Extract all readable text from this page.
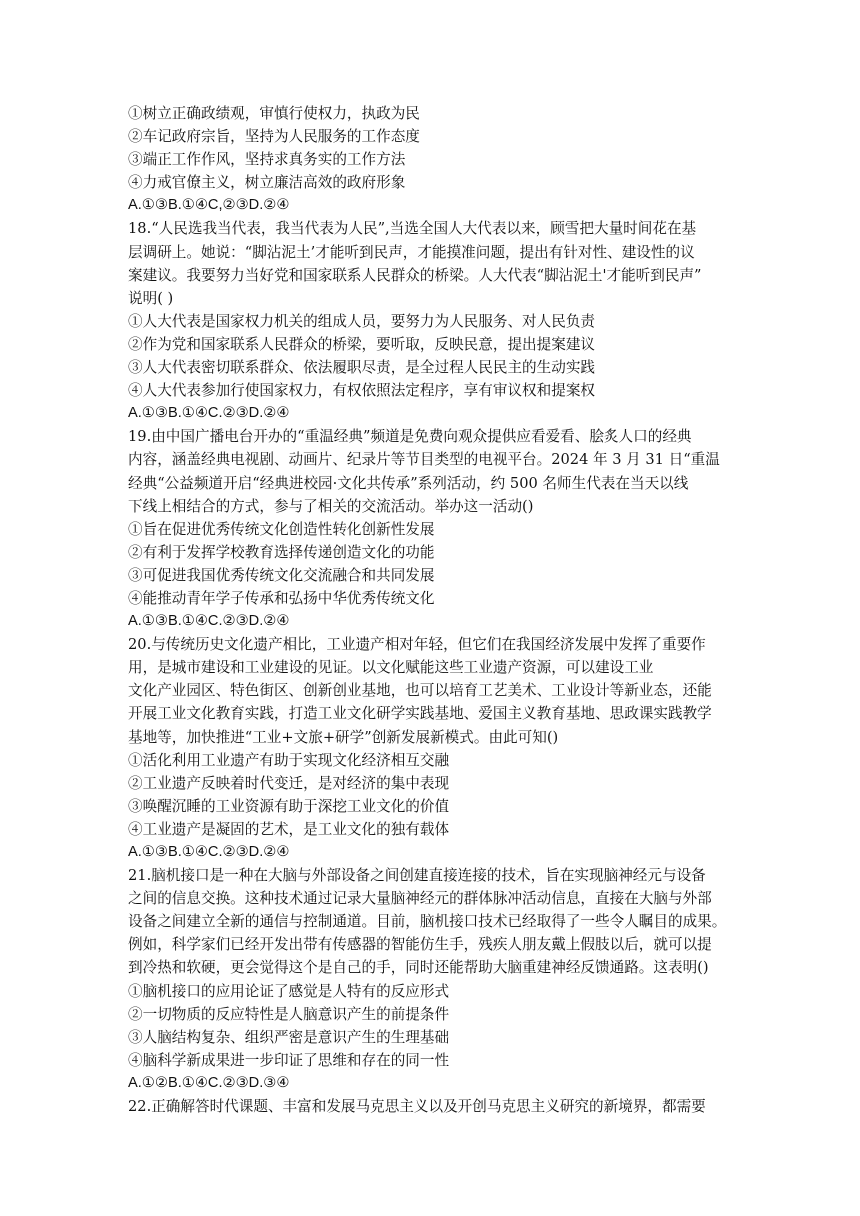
①树立正确政绩观，审慎行使权力，执政为民
②车记政府宗旨，坚持为人民服务的工作态度
③端正工作作风，坚持求真务实的工作方法
④力戒官僚主义，树立廉洁高效的政府形象
A.①③B.①④C,②③D.②④
18.“人民选我当代表，我当代表为人民”,当选全国人大代表以来，顾雪把大量时间花在基
层调研上。她说：“脚沾泥土’才能听到民声，才能摸准问题，提出有针对性、建设性的议
案建议。我要努力当好党和国家联系人民群众的桥梁。人大代表“脚沾泥土'才能听到民声”
说明( )
①人大代表是国家权力机关的组成人员，要努力为人民服务、对人民负责
②作为党和国家联系人民群众的桥梁，要听取，反映民意，提出提案建议
③人大代表密切联系群众、依法履职尽责，是全过程人民民主的生动实践
④人大代表参加行使国家权力，有权依照法定程序，享有审议权和提案权
A.①③B.①④C.②③D.②④
19.由中国广播电台开办的“重温经典”频道是免费向观众提供应看爱看、脍炙人口的经典
内容，涵盖经典电视剧、动画片、纪录片等节目类型的电视平台。2024 年 3 月 31 日“重温
经典“公益频道开启“经典进校园·文化共传承”系列活动，约 500 名师生代表在当天以线
下线上相结合的方式，参与了相关的交流活动。举办这一活动()
①旨在促进优秀传统文化创造性转化创新性发展
②有利于发挥学校教育选择传递创造文化的功能
③可促进我国优秀传统文化交流融合和共同发展
④能推动青年学子传承和弘扬中华优秀传统文化
A.①③B.①④C.②③D.②④
20.与传统历史文化遗产相比，工业遗产相对年轻，但它们在我国经济发展中发挥了重要作
用，是城市建设和工业建设的见证。以文化赋能这些工业遗产资源，可以建设工业
文化产业园区、特色街区、创新创业基地，也可以培育工艺美术、工业设计等新业态，还能
开展工业文化教育实践，打造工业文化研学实践基地、爱国主义教育基地、思政课实践教学
基地等，加快推进“工业+文旅+研学”创新发展新模式。由此可知()
①活化利用工业遗产有助于实现文化经济相互交融
②工业遗产反映着时代变迁，是对经济的集中表现
③唤醒沉睡的工业资源有助于深挖工业文化的价值
④工业遗产是凝固的艺术，是工业文化的独有载体
A.①③B.①④C.②③D.②④
21.脑机接口是一种在大脑与外部设备之间创建直接连接的技术，旨在实现脑神经元与设备
之间的信息交换。这种技术通过记录大量脑神经元的群体脉冲活动信息，直接在大脑与外部
设备之间建立全新的通信与控制通道。目前，脑机接口技术已经取得了一些令人瞩目的成果。
例如，科学家们已经开发出带有传感器的智能仿生手，残疾人朋友戴上假肢以后，就可以提
到冷热和软硬，更会觉得这个是自己的手，同时还能帮助大脑重建神经反馈通路。这表明()
①脑机接口的应用论证了感觉是人特有的反应形式
②一切物质的反应特性是人脑意识产生的前提条件
③人脑结构复杂、组织严密是意识产生的生理基础
④脑科学新成果进一步印证了思维和存在的同一性
A.①②B.①④C.②③D.③④
22.正确解答时代课题、丰富和发展马克思主义以及开创马克思主义研究的新境界，都需要
